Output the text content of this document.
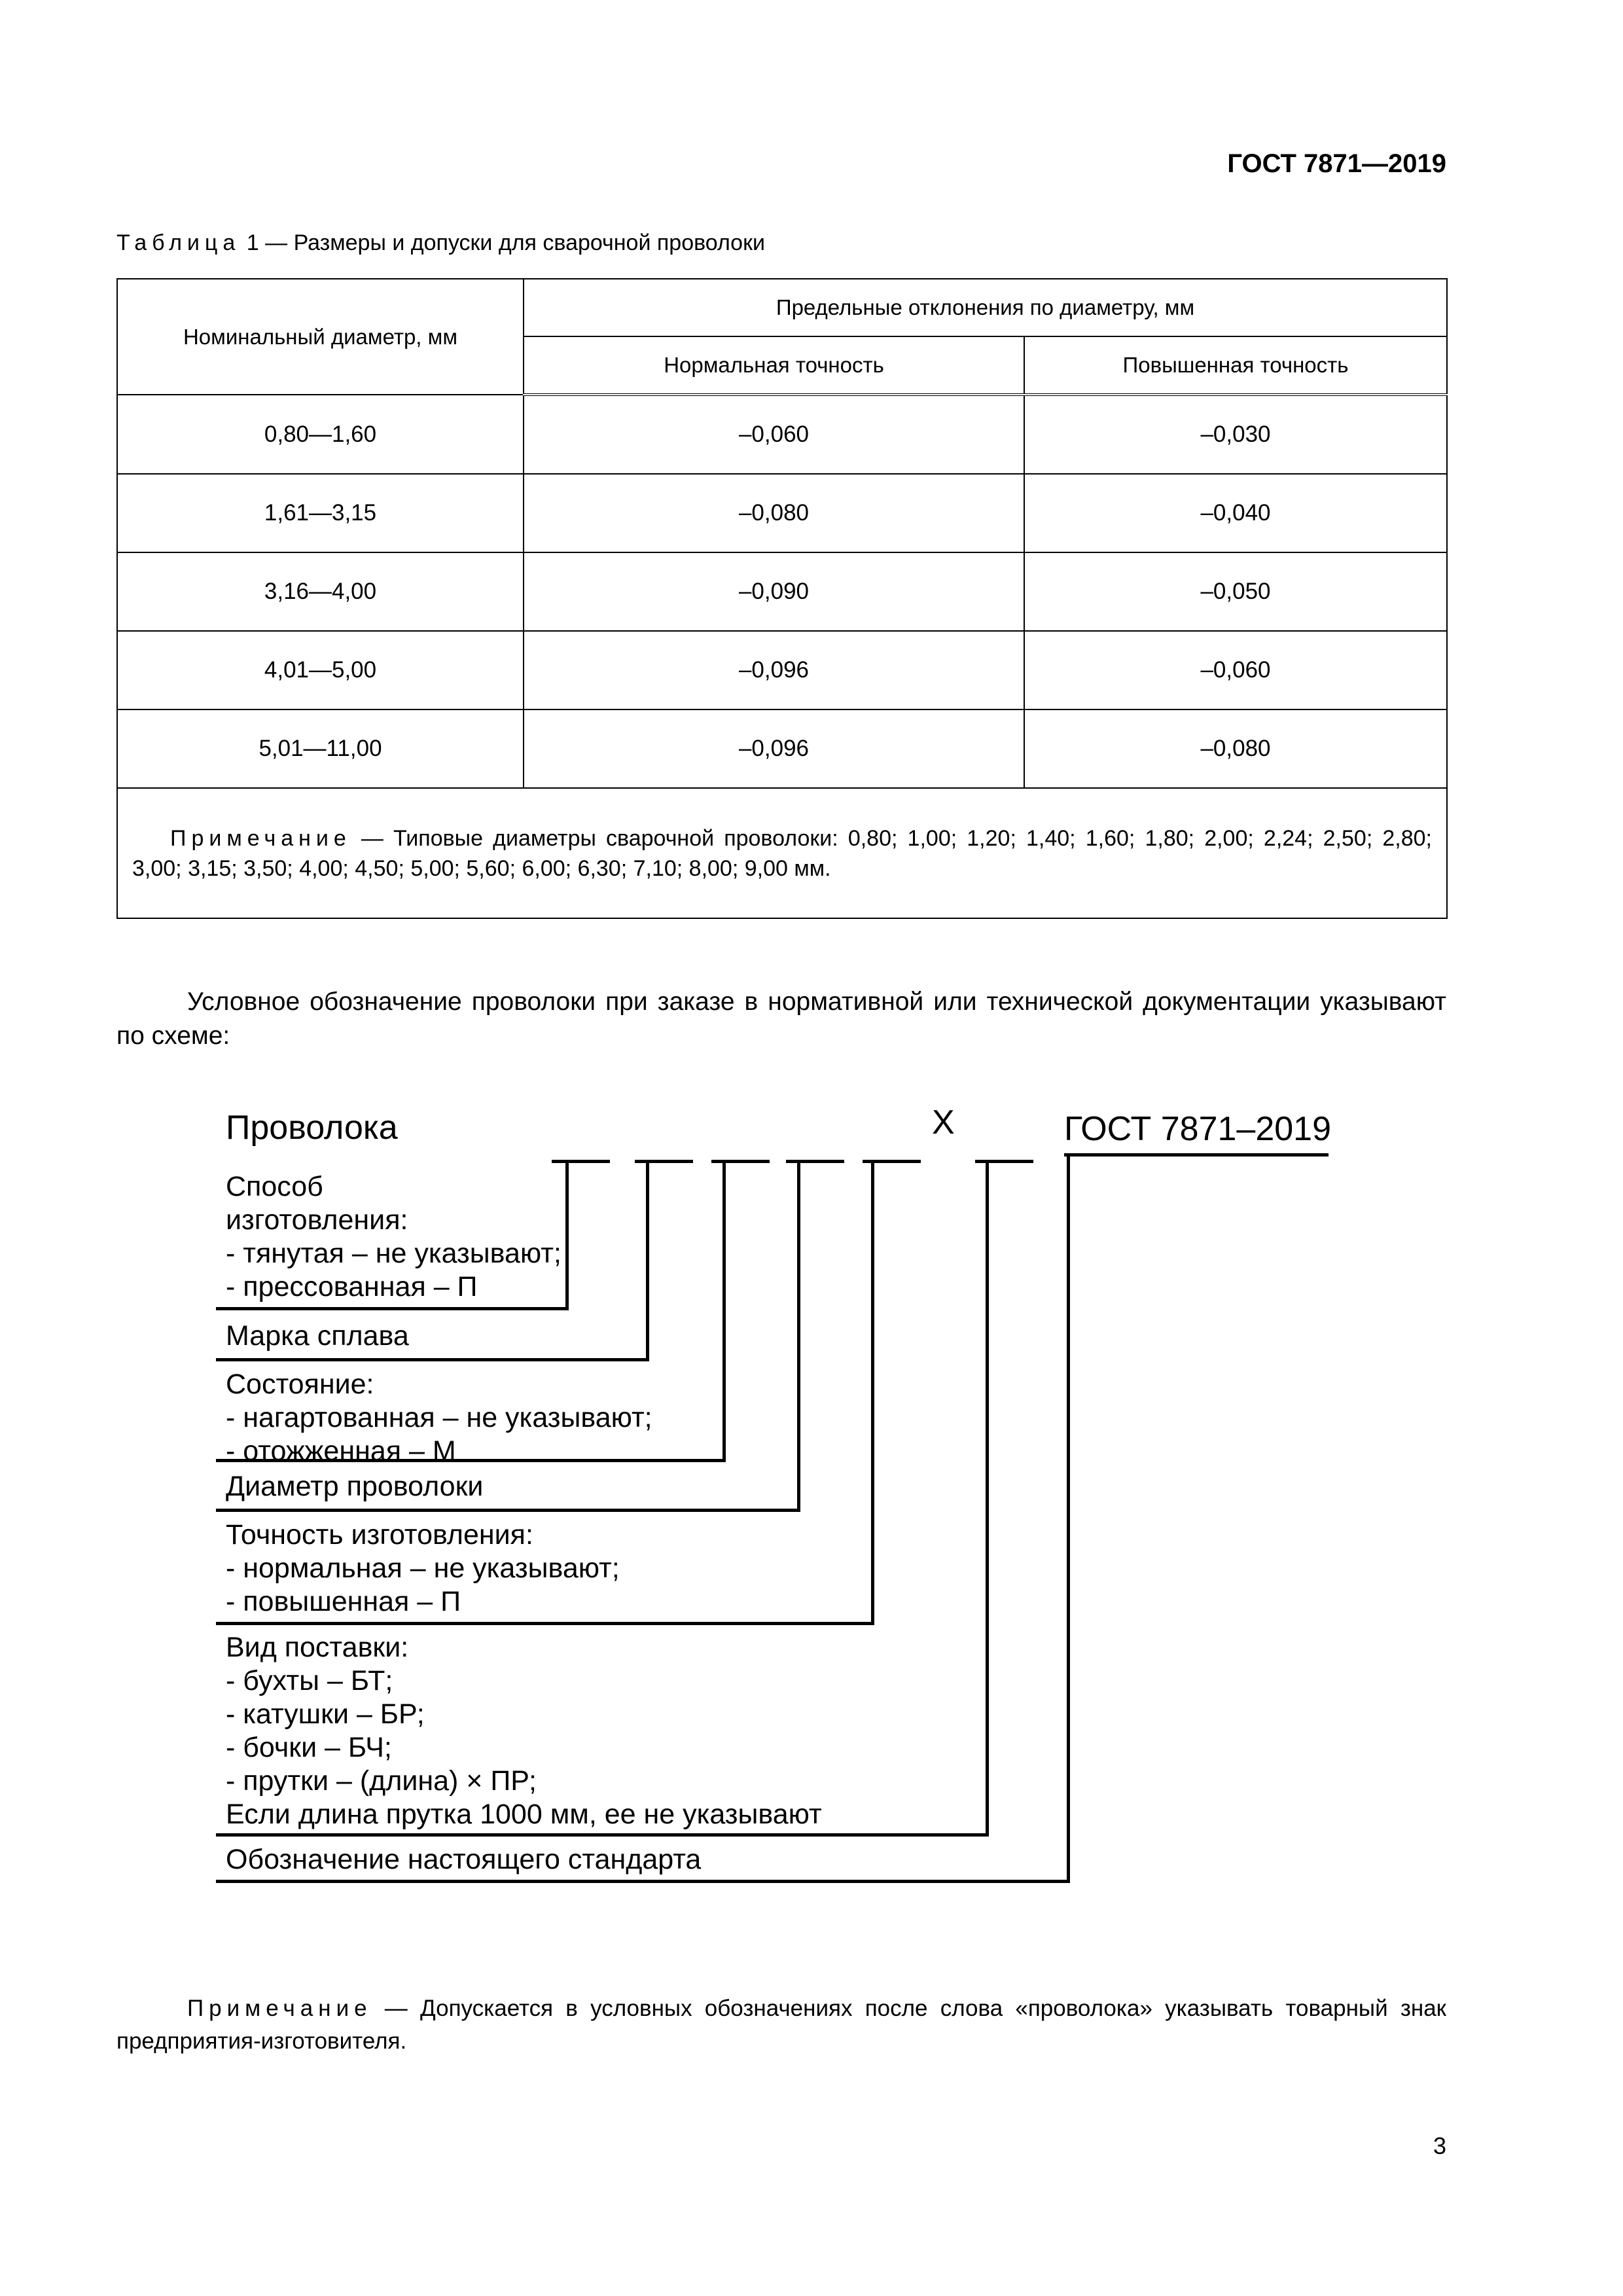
ГОСТ 7871—2019
Таблица 1 — Размеры и допуски для сварочной проволоки
Номинальный диаметр, мм	Предельные отклонения по диаметру, мм	
	Нормальная точность	Повышенная точность
0,80—1,60	–0,060	–0,030
1,61—3,15	–0,080	–0,040
3,16—4,00	–0,090	–0,050
4,01—5,00	–0,096	–0,060
5,01—11,00	–0,096	–0,080

Примечание — Типовые диаметры сварочной проволоки: 0,80; 1,00; 1,20; 1,40; 1,60; 1,80; 2,00; 2,24; 2,50; 2,80; 3,00; 3,15; 3,50; 4,00; 4,50; 5,00; 5,60; 6,00; 6,30; 7,10; 8,00; 9,00 мм.		

Условное обозначение проволоки при заказе в нормативной или технической документации указывают по схеме:

Проволока	Х	ГОСТ 7871–2019
Способ
изготовления:
- тянутая – не указывают;
- прессованная – П
Марка сплава
Состояние:
- нагартованная – не указывают;
- отожженная – М
Диаметр проволоки
Точность изготовления:
- нормальная – не указывают;
- повышенная – П
Вид поставки:
- бухты – БТ;
- катушки – БР;
- бочки – БЧ;
- прутки – (длина) × ПР;
Если длина прутка 1000 мм, ее не указывают
Обозначение настоящего стандарта

Примечание — Допускается в условных обозначениях после слова «проволока» указывать товарный знак предприятия-изготовителя.

3
